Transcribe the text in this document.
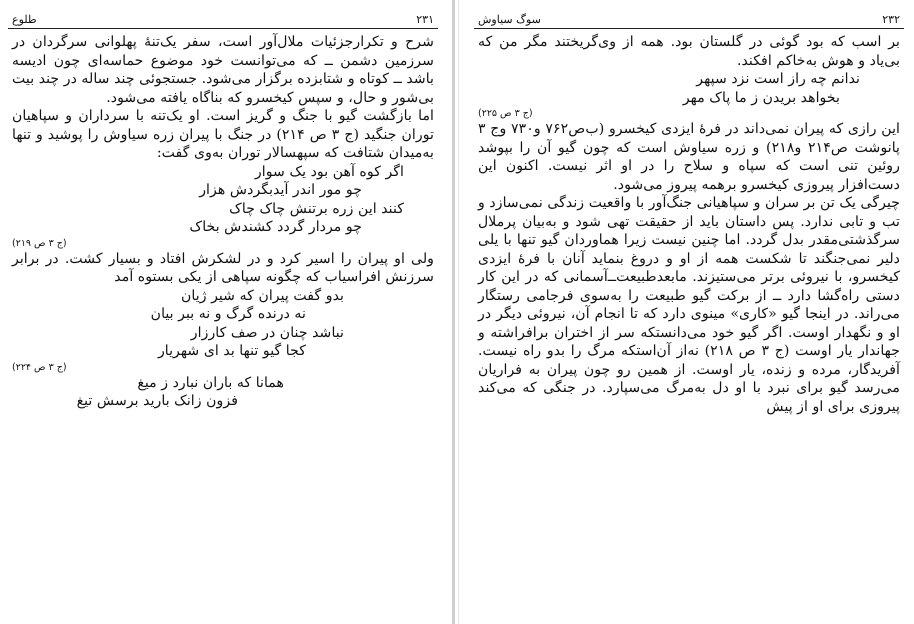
۲۳۱
طلوع

شرح و تکرارجزئیات ملال‌آور است، سفر یک‌تنهٔ پهلوانی سرگردان در سرزمین دشمن ــ که می‌توانست خود موضوع حماسه‌ای چون ادیسه باشد ــ کوتاه و شتابزده برگزار می‌شود. جستجوئی چند ساله در چند بیت بی‌شور و حال، و سپس کیخسرو که بناگاه یافته می‌شود.

اما بازگشت گیو با جنگ و گریز است. او یک‌تنه با سرداران و سپاهیان توران جنگید (ج ۳ ص ۲۱۴) در جنگ با پیران زره سیاوش را پوشید و تنها به‌میدان شتافت که سپهسالار توران به‌وی گفت:

اگر کوه آهن بود یک سوار

چو مور اندر آیدبگردش هزار

کنند این زره برتنش چاک چاک

چو مردار گردد کشندش بخاک

(ج ۳ ص ۲۱۹)

ولی او پیران را اسیر کرد و در لشکرش افتاد و بسیار کشت. در برابر سرزنش افراسیاب که چگونه سپاهی از یکی بستوه آمد

بدو گفت پیران که شیر ژیان

نه درنده گرگ و نه ببر بیان

نباشد چنان در صف کارزار

کجا گیو تنها بد ای شهریار

(ج ۳ ص ۲۲۴)

همانا که باران نبارد ز میغ

فزون زانک بارید برسش تیغ

۲۳۲
سوگ سیاوش

بر اسب که بود گوئی در گلستان بود. همه از وی‌گریختند مگر من که بی‌یاد و هوش به‌خاکم افکند.

ندانم چه راز است نزد سپهر

بخواهد بریدن ز ما پاک مهر

(ج ۳ ص ۲۲۵)

این رازی که پیران نمی‌داند در فرهٔ ایزدی کیخسرو (ب‌ص۷۶۲ و۷۳۰ وج ۳ پانوشت ص۲۱۴ و۲۱۸) و زره سیاوش است که چون گیو آن را بپوشد روئین تنی است که سپاه و سلاح را در او اثر نیست. اکنون این دست‌افزار پیروزی کیخسرو برهمه پیروز می‌شود.

چیرگی یک تن بر سران و سپاهیانی جنگ‌آور با واقعیت زندگی نمی‌سازد و تب و تابی ندارد. پس داستان باید از حقیقت تهی شود و به‌بیان پرملال سرگذشتی‌مقدر بدل گردد. اما چنین نیست زیرا هماوردان گیو تنها با یلی دلیر نمی‌جنگند تا شکست همه از او و دروغ بنماید آنان با فرهٔ ایزدی کیخسرو، با نیروئی برتر می‌ستیزند. مابعدطبیعت‌ــ‌آسمانی که در این کار دستی راه‌گشا دارد ــ از برکت گیو طبیعت را به‌سوی فرجامی رستگار می‌راند. در اینجا گیو «کاری» مینوی دارد که تا انجام آن، نیروئی دیگر در او و نگهدار اوست. اگر گیو خود می‌دانستکه سر از اختران برافراشته و جهاندار یار اوست (ج ۳ ص ۲۱۸) نه‌از آن‌استکه مرگ را بدو راه نیست. آفریدگار، مرده و زنده، یار اوست. از همین رو چون پیران به فراریان می‌رسد گیو برای نبرد با او دل به‌مرگ می‌سپارد. در جنگی که می‌کند پیروزی برای او از پیش
